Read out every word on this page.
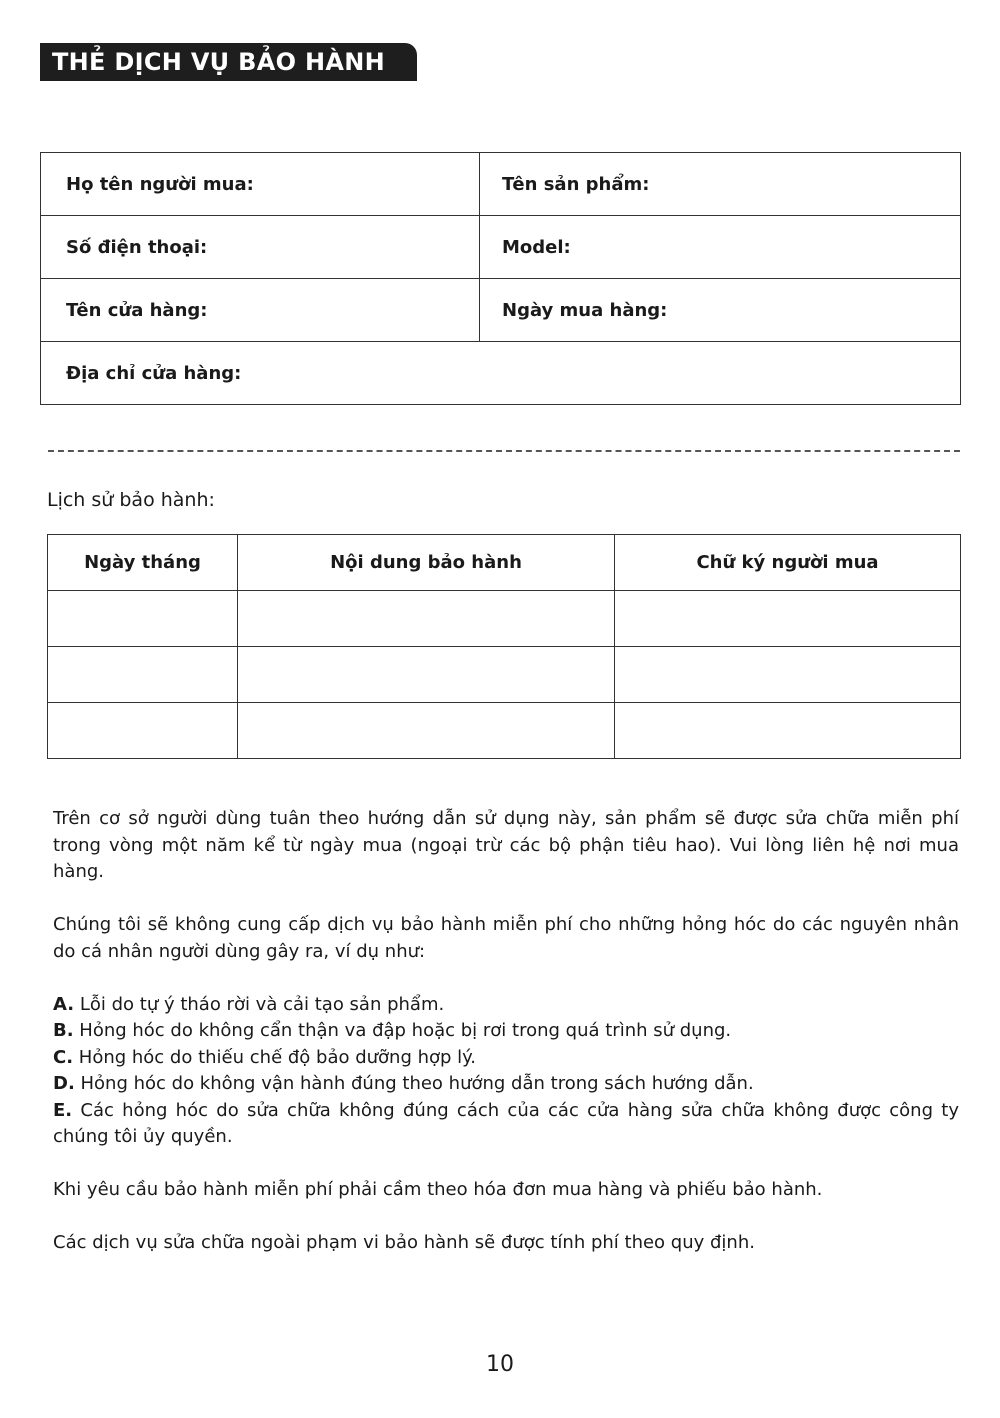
THẺ DỊCH VỤ BẢO HÀNH
Họ tên người mua:	Tên sản phẩm:
Số điện thoại:	Model:
Tên cửa hàng:	Ngày mua hàng:
Địa chỉ cửa hàng:	

Lịch sử bảo hành:

Ngày tháng	Nội dung bảo hành	Chữ ký người mua

Trên cơ sở người dùng tuân theo hướng dẫn sử dụng này, sản phẩm sẽ được sửa chữa miễn phí trong vòng một năm kể từ ngày mua (ngoại trừ các bộ phận tiêu hao). Vui lòng liên hệ nơi mua hàng.

Chúng tôi sẽ không cung cấp dịch vụ bảo hành miễn phí cho những hỏng hóc do các nguyên nhân do cá nhân người dùng gây ra, ví dụ như:

A. Lỗi do tự ý tháo rời và cải tạo sản phẩm.

B. Hỏng hóc do không cẩn thận va đập hoặc bị rơi trong quá trình sử dụng.

C. Hỏng hóc do thiếu chế độ bảo dưỡng hợp lý.

D. Hỏng hóc do không vận hành đúng theo hướng dẫn trong sách hướng dẫn.

E. Các hỏng hóc do sửa chữa không đúng cách của các cửa hàng sửa chữa không được công ty chúng tôi ủy quyền.

Khi yêu cầu bảo hành miễn phí phải cầm theo hóa đơn mua hàng và phiếu bảo hành.

Các dịch vụ sửa chữa ngoài phạm vi bảo hành sẽ được tính phí theo quy định.

10
